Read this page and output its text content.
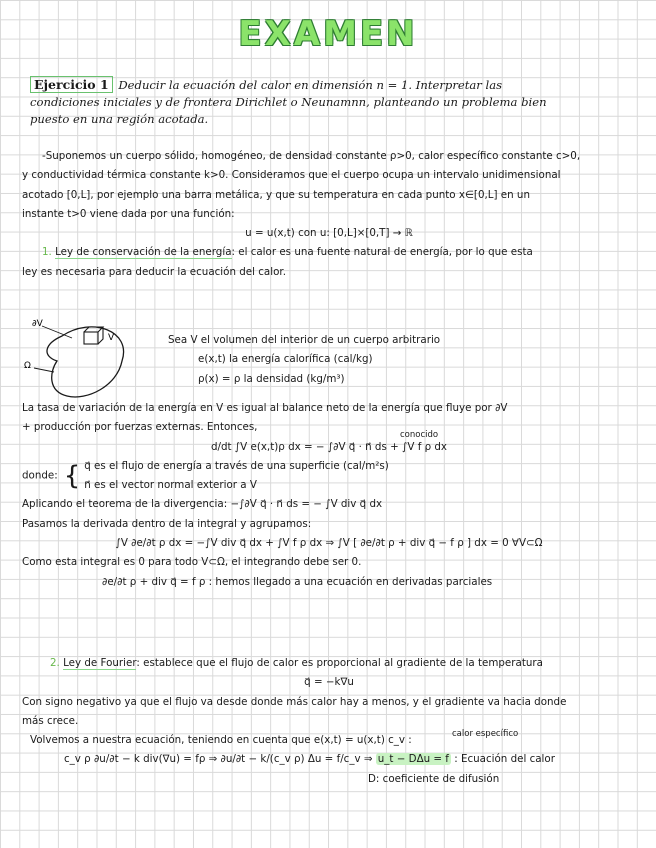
EXAMEN
Ejercicio 1 Deducir la ecuación del calor en dimensión n = 1. Interpretar las condiciones iniciales y de frontera Dirichlet o Neunamnn, planteando un problema bien puesto en una región acotada.

-Suponemos un cuerpo sólido, homogéneo, de densidad constante ρ>0, calor específico constante c>0,

y conductividad térmica constante k>0. Consideramos que el cuerpo ocupa un intervalo unidimensional

acotado [0,L], por ejemplo una barra metálica, y que su temperatura en cada punto x∈[0,L] en un

instante t>0 viene dada por una función:

u = u(x,t) con u: [0,L]×[0,T] → ℝ

1. Ley de conservación de la energía: el calor es una fuente natural de energía, por lo que esta

ley es necesaria para deducir la ecuación del calor.

∂V
V
Ω

Sea V el volumen del interior de un cuerpo arbitrario

e(x,t) la energía calorífica (cal/kg)

ρ(x) = ρ la densidad (kg/m³)

conocido

La tasa de variación de la energía en V es igual al balance neto de la energía que fluye por ∂V

+ producción por fuerzas externas. Entonces,

d/dt ∫V e(x,t)ρ dx = − ∫∂V q⃗ · n⃗ ds + ∫V f ρ dx

donde: { q⃗ es el flujo de energía a través de una superficie (cal/m²s)
n⃗ es el vector normal exterior a V

Aplicando el teorema de la divergencia: −∫∂V q⃗ · n⃗ ds = − ∫V div q⃗ dx

Pasamos la derivada dentro de la integral y agrupamos:

∫V ∂e/∂t ρ dx = −∫V div q⃗ dx + ∫V f ρ dx ⇒ ∫V [ ∂e/∂t ρ + div q⃗ − f ρ ] dx = 0 ∀V⊂Ω

Como esta integral es 0 para todo V⊂Ω, el integrando debe ser 0.

∂e/∂t ρ + div q⃗ = f ρ : hemos llegado a una ecuación en derivadas parciales

2. Ley de Fourier: establece que el flujo de calor es proporcional al gradiente de la temperatura

q⃗ = −k∇u

Con signo negativo ya que el flujo va desde donde más calor hay a menos, y el gradiente va hacia donde

más crece.

Volvemos a nuestra ecuación, teniendo en cuenta que e(x,t) = u(x,t) c_v :

c_v ρ ∂u/∂t − k div(∇u) = fρ ⇒ ∂u/∂t − k/(c_v ρ) Δu = f/c_v ⇒ u_t − DΔu = f : Ecuación del calor

D: coeficiente de difusión

calor específico
